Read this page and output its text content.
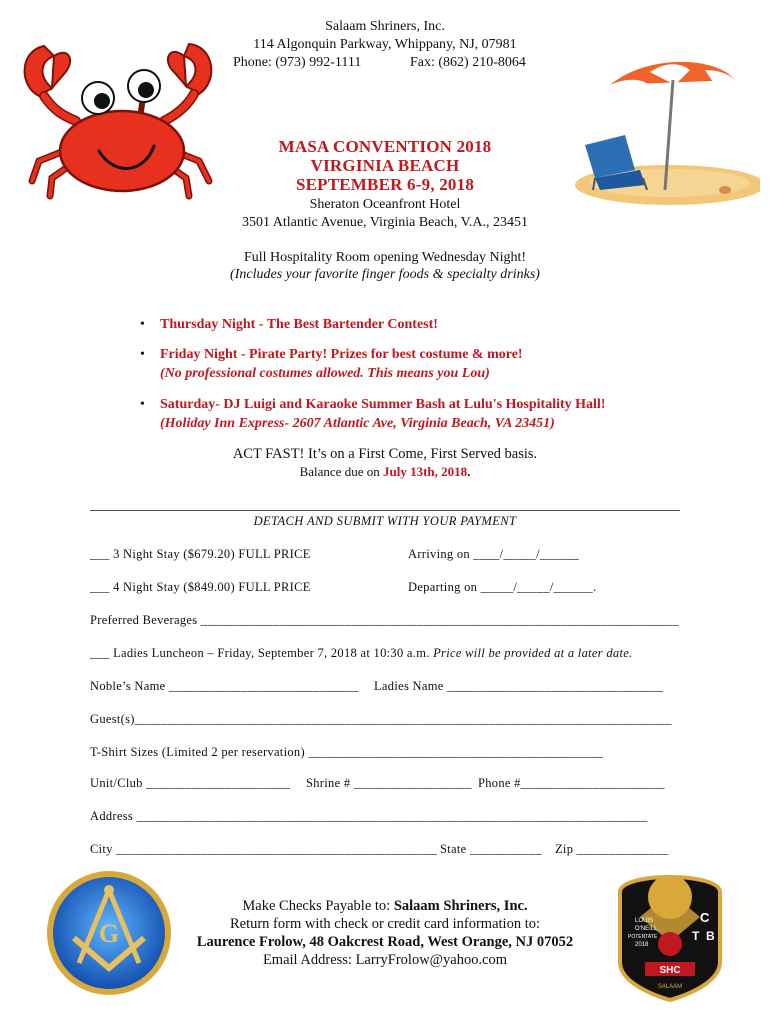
Salaam Shriners, Inc.
114 Algonquin Parkway, Whippany, NJ, 07981
Phone: (973) 992-1111	Fax: (862) 210-8064
MASA CONVENTION 2018
VIRGINIA BEACH
SEPTEMBER 6-9, 2018
Sheraton Oceanfront Hotel
3501 Atlantic Avenue, Virginia Beach, V.A., 23451
Full Hospitality Room opening Wednesday Night!
(Includes your favorite finger foods & specialty drinks)
• Thursday Night - The Best Bartender Contest!
• Friday Night - Pirate Party! Prizes for best costume & more!
(No professional costumes allowed. This means you Lou)
• Saturday- DJ Luigi and Karaoke Summer Bash at Lulu's Hospitality Hall!
(Holiday Inn Express- 2607 Atlantic Ave, Virginia Beach, VA 23451)
ACT FAST! It’s on a First Come, First Served basis.
Balance due on July 13th, 2018.
DETACH AND SUBMIT WITH YOUR PAYMENT
___ 3 Night Stay ($679.20) FULL PRICE	Arriving on ____/_____/______
___ 4 Night Stay ($849.00) FULL PRICE	Departing on _____/_____/______.
Preferred Beverages _________________________________________________________________________
___ Ladies Luncheon – Friday, September 7, 2018 at 10:30 a.m. Price will be provided at a later date.
Noble’s Name _____________________________ Ladies Name _________________________________
Guest(s)__________________________________________________________________________________
T-Shirt Sizes (Limited 2 per reservation) _____________________________________________
Unit/Club ______________________ Shrine # __________________ Phone #______________________
Address ______________________________________________________________________________
City _________________________________________________ State ___________ Zip ______________
Make Checks Payable to: Salaam Shriners, Inc.
Return form with check or credit card information to:
Laurence Frolow, 48 Oakcrest Road, West Orange, NJ 07052
Email Address: LarryFrolow@yahoo.com
G	LOUIS
O'NEILL
POTENTATE
2018
C
T B
SHC
SALAAM
